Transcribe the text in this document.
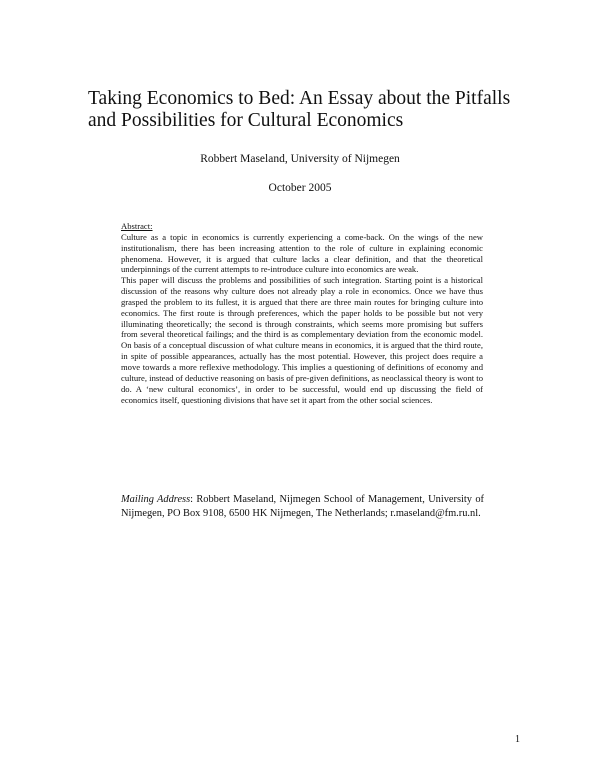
Taking Economics to Bed: An Essay about the Pitfalls and Possibilities for Cultural Economics
Robbert Maseland, University of Nijmegen
October 2005

Abstract:

Culture as a topic in economics is currently experiencing a come-back. On the wings of the new institutionalism, there has been increasing attention to the role of culture in explaining economic phenomena. However, it is argued that culture lacks a clear definition, and that the theoretical underpinnings of the current attempts to re-introduce culture into economics are weak.

This paper will discuss the problems and possibilities of such integration. Starting point is a historical discussion of the reasons why culture does not already play a role in economics. Once we have thus grasped the problem to its fullest, it is argued that there are three main routes for bringing culture into economics. The first route is through preferences, which the paper holds to be possible but not very illuminating theoretically; the second is through constraints, which seems more promising but suffers from several theoretical failings; and the third is as complementary deviation from the economic model. On basis of a conceptual discussion of what culture means in economics, it is argued that the third route, in spite of possible appearances, actually has the most potential. However, this project does require a move towards a more reflexive methodology. This implies a questioning of definitions of economy and culture, instead of deductive reasoning on basis of pre-given definitions, as neoclassical theory is wont to do. A ‘new cultural economics’, in order to be successful, would end up discussing the field of economics itself, questioning divisions that have set it apart from the other social sciences.

Mailing Address: Robbert Maseland, Nijmegen School of Management, University of Nijmegen, PO Box 9108, 6500 HK Nijmegen, The Netherlands; r.maseland@fm.ru.nl.
1
